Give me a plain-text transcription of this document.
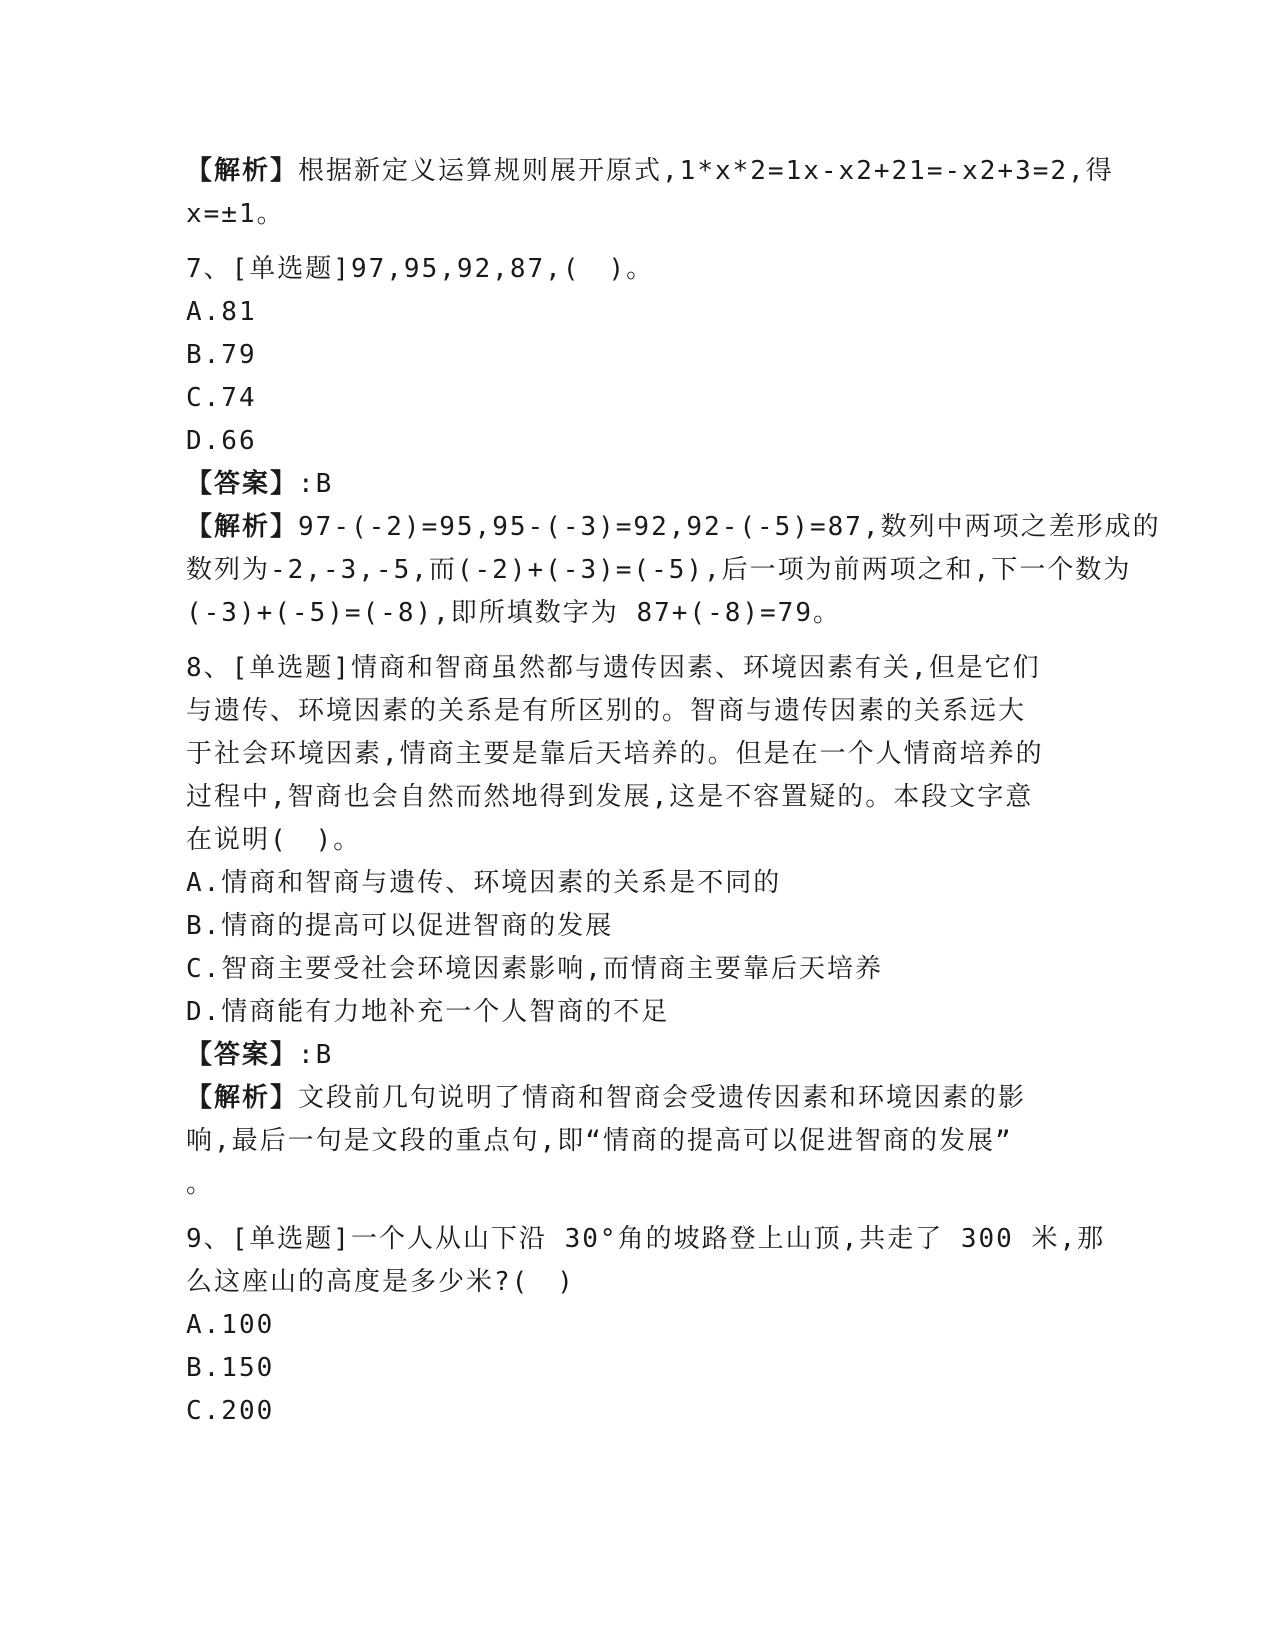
【解析】根据新定义运算规则展开原式,1*x*2=1x-x2+21=-x2+3=2,得
x=±1。
7、[单选题]97,95,92,87,(　)。
A.81
B.79
C.74
D.66
【答案】:B
【解析】97-(-2)=95,95-(-3)=92,92-(-5)=87,数列中两项之差形成的
数列为-2,-3,-5,而(-2)+(-3)=(-5),后一项为前两项之和,下一个数为
(-3)+(-5)=(-8),即所填数字为 87+(-8)=79。
8、[单选题]情商和智商虽然都与遗传因素、环境因素有关,但是它们
与遗传、环境因素的关系是有所区别的。智商与遗传因素的关系远大
于社会环境因素,情商主要是靠后天培养的。但是在一个人情商培养的
过程中,智商也会自然而然地得到发展,这是不容置疑的。本段文字意
在说明(　)。
A.情商和智商与遗传、环境因素的关系是不同的
B.情商的提高可以促进智商的发展
C.智商主要受社会环境因素影响,而情商主要靠后天培养
D.情商能有力地补充一个人智商的不足
【答案】:B
【解析】文段前几句说明了情商和智商会受遗传因素和环境因素的影
响,最后一句是文段的重点句,即“情商的提高可以促进智商的发展”
。
9、[单选题]一个人从山下沿 30°角的坡路登上山顶,共走了 300 米,那
么这座山的高度是多少米?(　)
A.100
B.150
C.200
